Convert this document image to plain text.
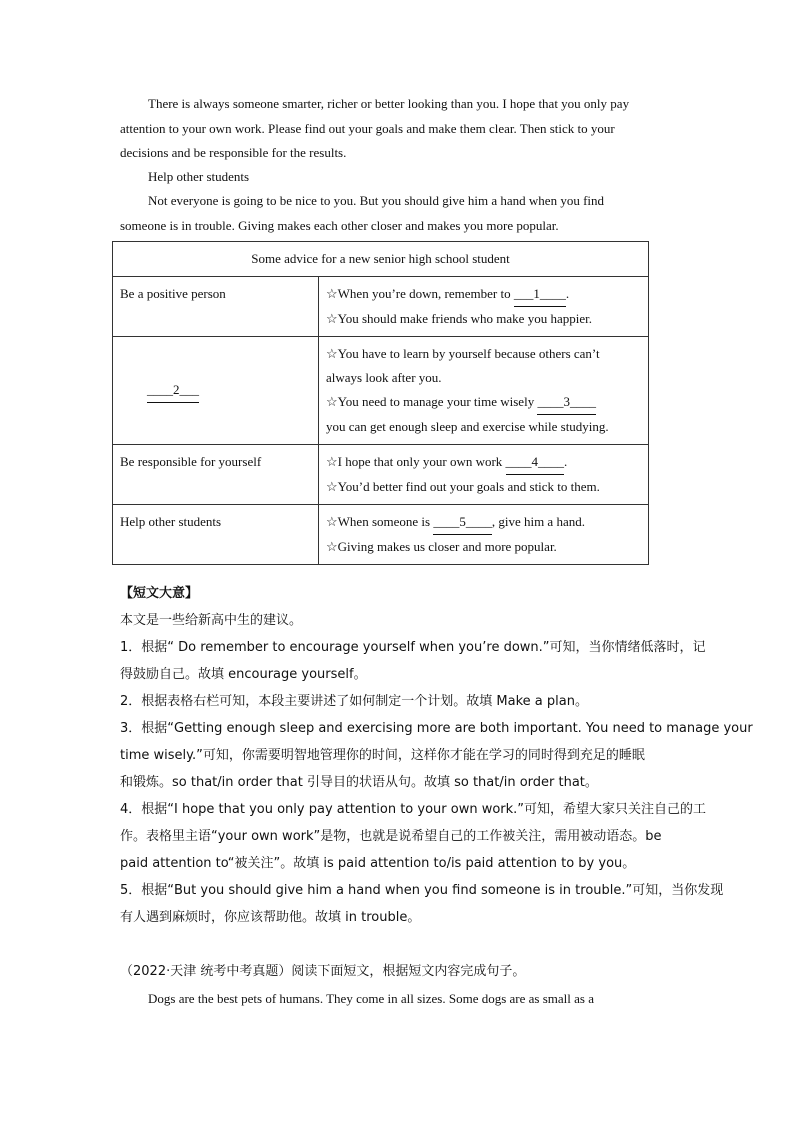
There is always someone smarter, richer or better looking than you. I hope that you only pay
attention to your own work. Please find out your goals and make them clear. Then stick to your
decisions and be responsible for the results.
Help other students
Not everyone is going to be nice to you. But you should give him a hand when you find
someone is in trouble. Giving makes each other closer and makes you more popular.
Some advice for a new senior high school student	
Be a positive person	☆When you’re down, remember to ___1____.
☆You should make friends who make you happier.

____2___	☆You have to learn by yourself because others can’t
always look after you.
☆You need to manage your time wisely ____3____
you can get enough sleep and exercise while studying.

Be responsible for yourself	☆I hope that only your own work ____4____.
☆You’d better find out your goals and stick to them.

Help other students	☆When someone is ____5____, give him a hand.
☆Giving makes us closer and more popular.
【短文大意】
本文是一些给新高中生的建议。
1．根据“ Do remember to encourage yourself when you’re down.”可知，当你情绪低落时，记
得鼓励自己。故填 encourage yourself。
2．根据表格右栏可知，本段主要讲述了如何制定一个计划。故填 Make a plan。
3．根据“Getting enough sleep and exercising more are both important. You need to manage your
time wisely.”可知，你需要明智地管理你的时间，这样你才能在学习的同时得到充足的睡眠
和锻炼。so that/in order that 引导目的状语从句。故填 so that/in order that。
4．根据“I hope that you only pay attention to your own work.”可知，希望大家只关注自己的工
作。表格里主语“your own work”是物，也就是说希望自己的工作被关注，需用被动语态。be
paid attention to“被关注”。故填 is paid attention to/is paid attention to by you。
5．根据“But you should give him a hand when you find someone is in trouble.”可知，当你发现
有人遇到麻烦时，你应该帮助他。故填 in trouble。
（2022·天津 统考中考真题）阅读下面短文，根据短文内容完成句子。
Dogs are the best pets of humans. They come in all sizes. Some dogs are as small as a
